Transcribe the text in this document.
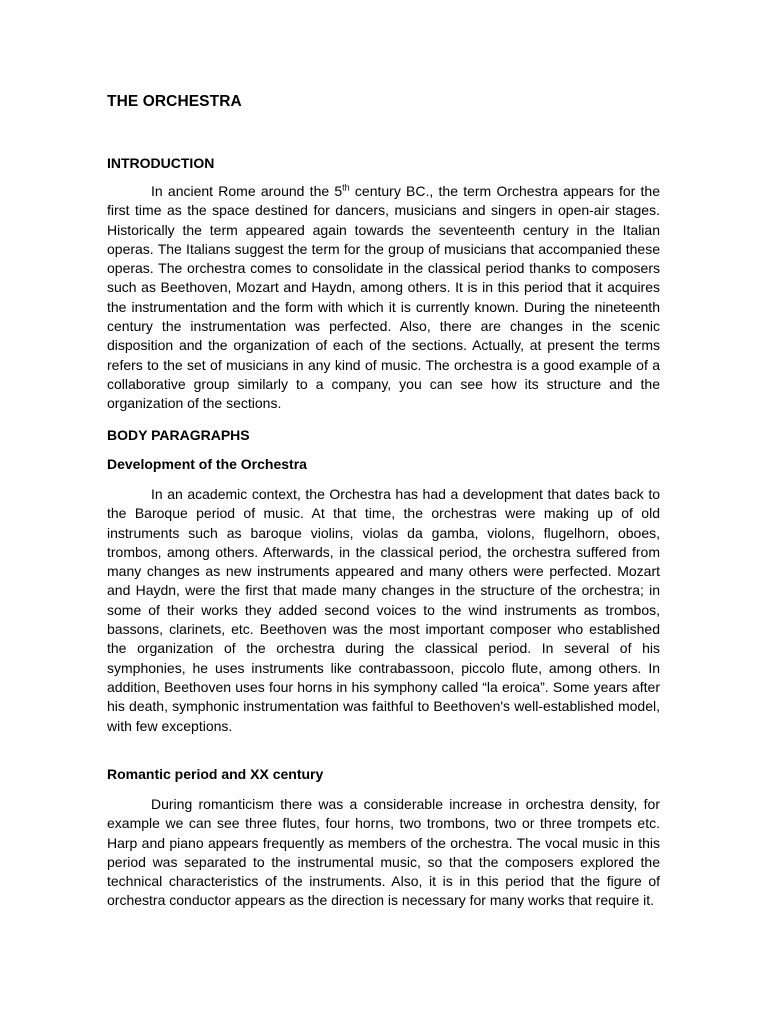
THE ORCHESTRA
INTRODUCTION

In ancient Rome around the 5th century BC., the term Orchestra appears for the first time as the space destined for dancers, musicians and singers in open-air stages. Historically the term appeared again towards the seventeenth century in the Italian operas. The Italians suggest the term for the group of musicians that accompanied these operas. The orchestra comes to consolidate in the classical period thanks to composers such as Beethoven, Mozart and Haydn, among others. It is in this period that it acquires the instrumentation and the form with which it is currently known. During the nineteenth century the instrumentation was perfected. Also, there are changes in the scenic disposition and the organization of each of the sections. Actually, at present the terms refers to the set of musicians in any kind of music. The orchestra is a good example of a collaborative group similarly to a company, you can see how its structure and the organization of the sections.

BODY PARAGRAPHS
Development of the Orchestra

In an academic context, the Orchestra has had a development that dates back to the Baroque period of music. At that time, the orchestras were making up of old instruments such as baroque violins, violas da gamba, violons, flugelhorn, oboes, trombos, among others. Afterwards, in the classical period, the orchestra suffered from many changes as new instruments appeared and many others were perfected. Mozart and Haydn, were the first that made many changes in the structure of the orchestra; in some of their works they added second voices to the wind instruments as trombos, bassons, clarinets, etc. Beethoven was the most important composer who established the organization of the orchestra during the classical period. In several of his symphonies, he uses instruments like contrabassoon, piccolo flute, among others. In addition, Beethoven uses four horns in his symphony called “la eroica”. Some years after his death, symphonic instrumentation was faithful to Beethoven's well-established model, with few exceptions.

Romantic period and XX century

During romanticism there was a considerable increase in orchestra density, for example we can see three flutes, four horns, two trombons, two or three trompets etc. Harp and piano appears frequently as members of the orchestra. The vocal music in this period was separated to the instrumental music, so that the composers explored the technical characteristics of the instruments. Also, it is in this period that the figure of orchestra conductor appears as the direction is necessary for many works that require it.
